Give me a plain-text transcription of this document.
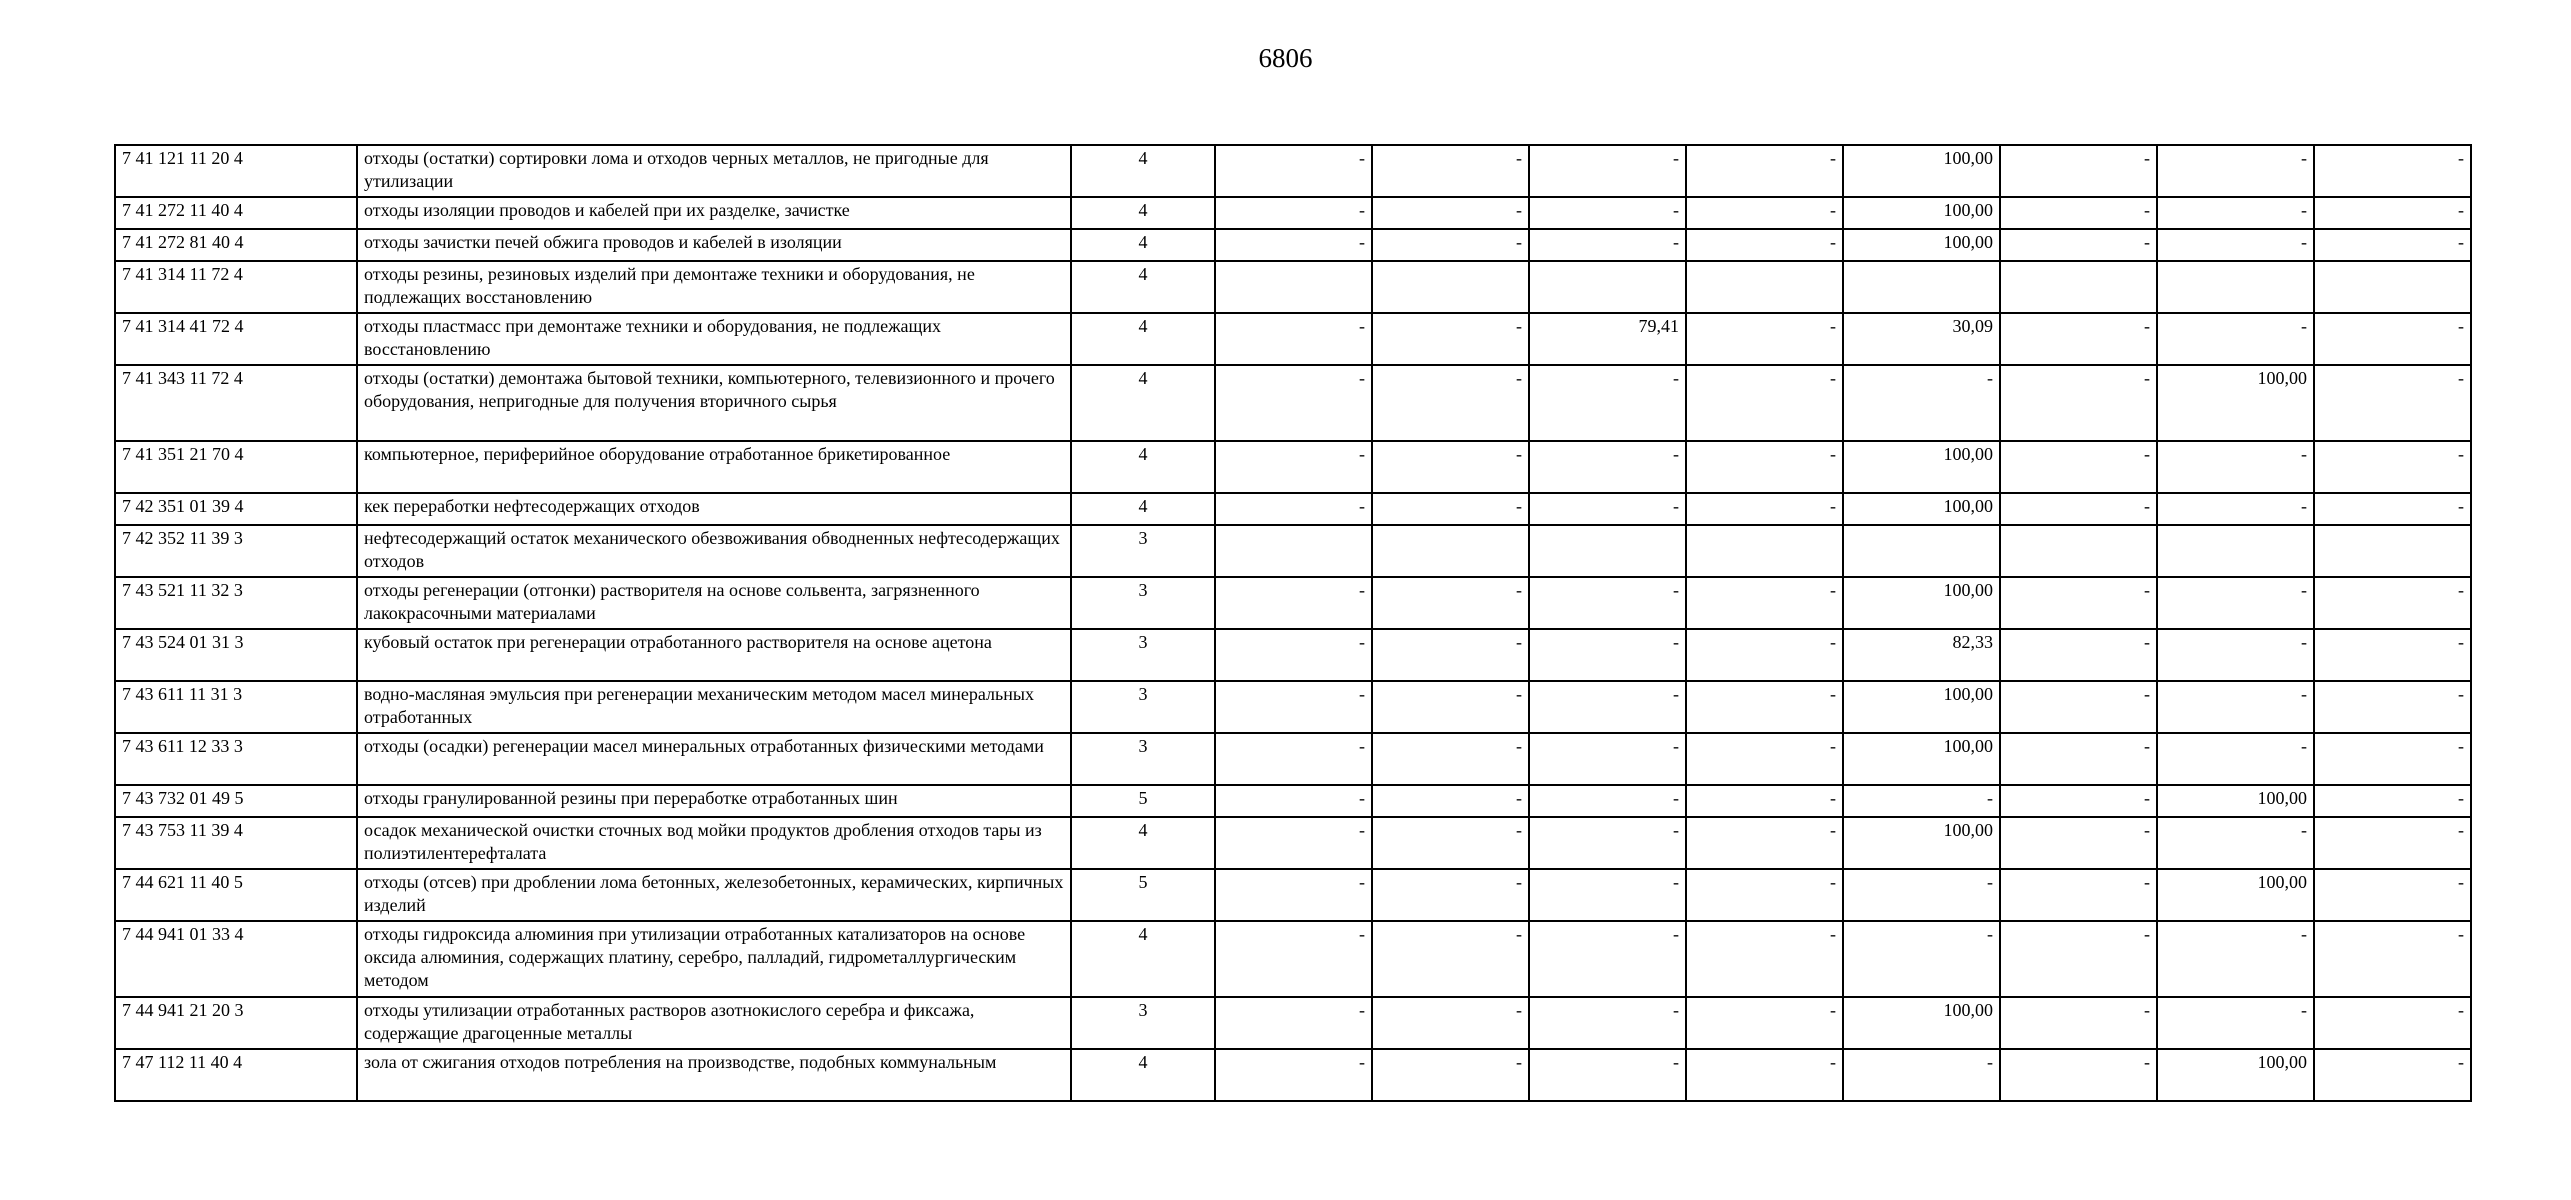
6806
7 41 121 11 20 4	отходы (остатки) сортировки лома и отходов черных металлов, не пригодные для утилизации	4	-	-	-	-	100,00	-	-	-
7 41 272 11 40 4	отходы изоляции проводов и кабелей при их разделке, зачистке	4	-	-	-	-	100,00	-	-	-
7 41 272 81 40 4	отходы зачистки печей обжига проводов и кабелей в изоляции	4	-	-	-	-	100,00	-	-	-
7 41 314 11 72 4	отходы резины, резиновых изделий при демонтаже техники и оборудования, не подлежащих восстановлению	4								
7 41 314 41 72 4	отходы пластмасс при демонтаже техники и оборудования, не подлежащих восстановлению	4	-	-	79,41	-	30,09	-	-	-
7 41 343 11 72 4	отходы (остатки) демонтажа бытовой техники, компьютерного, телевизионного и прочего оборудования, непригодные для получения вторичного сырья	4	-	-	-	-	-	-	100,00	-
7 41 351 21 70 4	компьютерное, периферийное оборудование отработанное брикетированное	4	-	-	-	-	100,00	-	-	-
7 42 351 01 39 4	кек переработки нефтесодержащих отходов	4	-	-	-	-	100,00	-	-	-
7 42 352 11 39 3	нефтесодержащий остаток механического обезвоживания обводненных нефтесодержащих отходов	3								
7 43 521 11 32 3	отходы регенерации (отгонки) растворителя на основе сольвента, загрязненного лакокрасочными материалами	3	-	-	-	-	100,00	-	-	-
7 43 524 01 31 3	кубовый остаток при регенерации отработанного растворителя на основе ацетона	3	-	-	-	-	82,33	-	-	-
7 43 611 11 31 3	водно-масляная эмульсия при регенерации механическим методом масел минеральных отработанных	3	-	-	-	-	100,00	-	-	-
7 43 611 12 33 3	отходы (осадки) регенерации масел минеральных отработанных физическими методами	3	-	-	-	-	100,00	-	-	-
7 43 732 01 49 5	отходы гранулированной резины при переработке отработанных шин	5	-	-	-	-	-	-	100,00	-
7 43 753 11 39 4	осадок механической очистки сточных вод мойки продуктов дробления отходов тары из полиэтилентерефталата	4	-	-	-	-	100,00	-	-	-
7 44 621 11 40 5	отходы (отсев) при дроблении лома бетонных, железобетонных, керамических, кирпичных изделий	5	-	-	-	-	-	-	100,00	-
7 44 941 01 33 4	отходы гидроксида алюминия при утилизации отработанных катализаторов на основе оксида алюминия, содержащих платину, серебро, палладий, гидрометаллургическим методом	4	-	-	-	-	-	-	-	-
7 44 941 21 20 3	отходы утилизации отработанных растворов азотнокислого серебра и фиксажа, содержащие драгоценные металлы	3	-	-	-	-	100,00	-	-	-
7 47 112 11 40 4	зола от сжигания отходов потребления на производстве, подобных коммунальным	4	-	-	-	-	-	-	100,00	-
